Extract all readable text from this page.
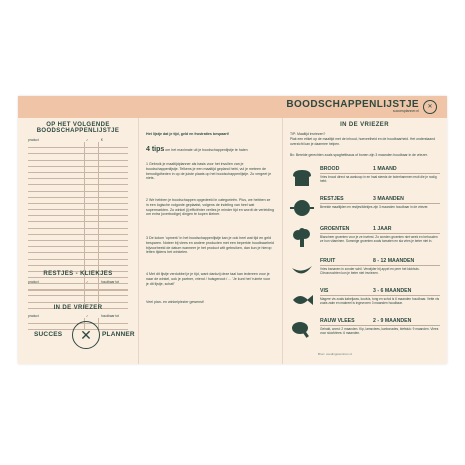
BOODSCHAPPENLIJSTJE
succesplanner.nl
✕
OP HET VOLGENDE BOODSCHAPPENLIJSTJE
product	✓	€
RESTJES - KLIEKJES
product	✓	houdbaar tot
IN DE VRIEZER
product	✓	houdbaar tot
SUCCES	✕	PLANNER
Het lijstje dat je tijd, geld en frustraties bespaart!
4 tips om het maximale uit je boodschappenlijstje te halen
1 Gebruik je maaltijdplanner als basis voor het invullen van je boodschappenlijstje. Telkens je een maaltijd gepland hebt, vul je meteen de benodigdheden in op de juiste plaats op het boodschappenlijstje. Zo vergeet je niets.
2 We hebben je boodschappen opgedeeld in categorieën. Plus, we hebben ze in een logische volgorde geplaatst, volgens de indeling van heel wat supermarkten. Zo winkel jij efficiënter verlies je minder tijd en wordt de verleiding om extra (overbodige) dingen te kopen kleiner.
3 De kolom 'opmerk' in het boodschappenlijstje kan je ook heel wat tijd en geld besparen. Noteer bij vlees en andere producten met een beperkte houdbaarheid bijvoorbeeld de datum wanneer je het product wilt gebruiken, dan kun je hierop letten tijdens het winkelen.
4 Met dit lijstje verdubbel je je tijd, want dankzij deze taal kan iedereen voor je naar de winkel, ook je partner, vriend / huisgenoot / ... 'Je kunt het 'ruimte voor je dit lijstje, schat!'
Veel plan- en winkelplezier gewenst!
IN DE VRIEZER
TIP: Maaltijd invriezen?
Plak een etiket op de maaltijd met de inhoud, hoeveelheid en de houdbaarheid. Het onderstaand overzicht kan je daarmee helpen.
Bv: Bereide gerechten zoals spaghettisaus of bonen zijn 3 maanden houdbaar in de vriezer.
BROOD	1 MAAND
Vries brood direct na aankoop in en haal steeds de boterhammen eruit die je nodig hebt.
RESTJES	3 MAANDEN
Bereide maaltijden en restjes/kliekjes zijn 3 maanden houdbaar in de vriezer.
GROENTEN	1 JAAR
Blancheer groenten voor je ze invriest. Zo worden groenten niet week en behouden ze hun vitaminen. Sommige groenten zoals tomaten en sla vries je beter niet in.
FRUIT	8 - 12 MAANDEN
Vries bananen in zonder schil. Verwijder bij appel en peer het klokhuis. Citrusvruchten kun je beter niet invriezen.
VIS	3 - 6 MAANDEN
Magere vis zoals kabeljauw, koolvis, tong en schol is 6 maanden houdbaar. Vette vis zoals zalm en makreel is ingevroren 3 maanden houdbaar.
RAUW VLEES	2 - 9 MAANDEN
Gehakt, worst: 2 maanden. Kip, lamsvlees, karbonades, biefstuk: 9 maanden. Vlees voor stoofvlees: 6 maanden.
Bron: voedingscentrum.nl
